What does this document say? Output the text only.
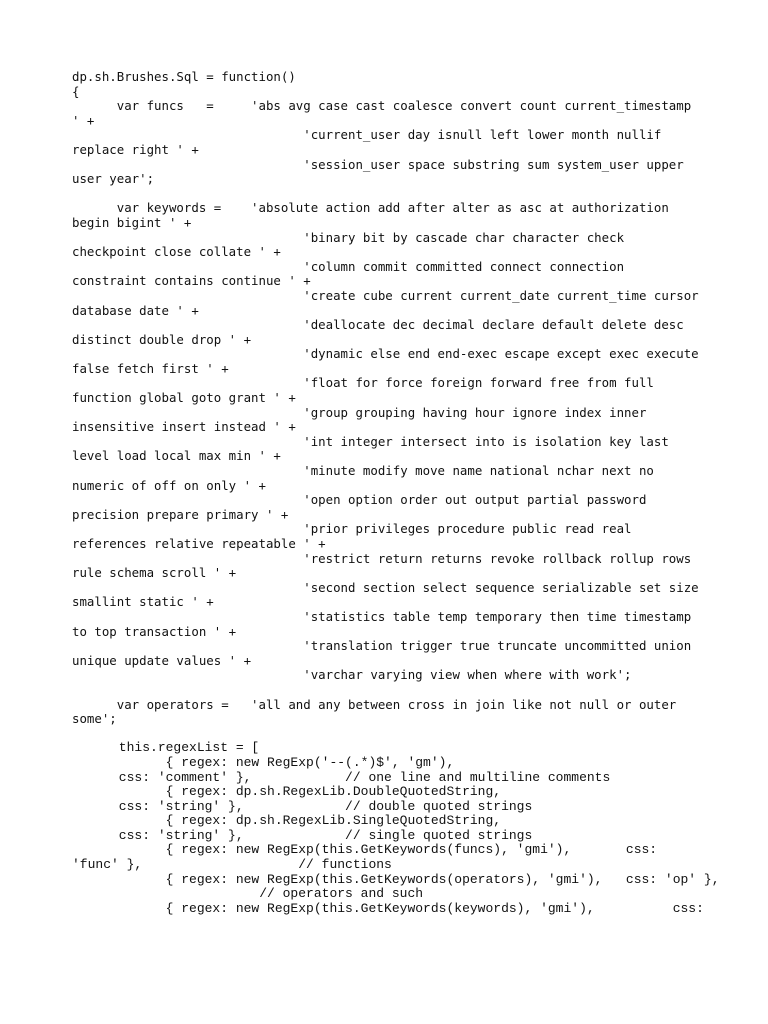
dp.sh.Brushes.Sql = function()
{
var funcs   =     'abs avg case cast coalesce convert count current_timestamp
' +
'current_user day isnull left lower month nullif
replace right ' +
'session_user space substring sum system_user upper
user year';
var keywords =    'absolute action add after alter as asc at authorization
begin bigint ' +
'binary bit by cascade char character check
checkpoint close collate ' +
'column commit committed connect connection
constraint contains continue ' +
'create cube current current_date current_time cursor
database date ' +
'deallocate dec decimal declare default delete desc
distinct double drop ' +
'dynamic else end end-exec escape except exec execute
false fetch first ' +
'float for force foreign forward free from full
function global goto grant ' +
'group grouping having hour ignore index inner
insensitive insert instead ' +
'int integer intersect into is isolation key last
level load local max min ' +
'minute modify move name national nchar next no
numeric of off on only ' +
'open option order out output partial password
precision prepare primary ' +
'prior privileges procedure public read real
references relative repeatable ' +
'restrict return returns revoke rollback rollup rows
rule schema scroll ' +
'second section select sequence serializable set size
smallint static ' +
'statistics table temp temporary then time timestamp
to top transaction ' +
'translation trigger true truncate uncommitted union
unique update values ' +
'varchar varying view when where with work';
var operators =   'all and any between cross in join like not null or outer
some';
this.regexList = [
{ regex: new RegExp('--(.*)$', 'gm'),
css: 'comment' },            // one line and multiline comments
{ regex: dp.sh.RegexLib.DoubleQuotedString,
css: 'string' },             // double quoted strings
{ regex: dp.sh.RegexLib.SingleQuotedString,
css: 'string' },             // single quoted strings
{ regex: new RegExp(this.GetKeywords(funcs), 'gmi'),       css:
'func' },                    // functions
{ regex: new RegExp(this.GetKeywords(operators), 'gmi'),   css: 'op' },
// operators and such
{ regex: new RegExp(this.GetKeywords(keywords), 'gmi'),          css:
